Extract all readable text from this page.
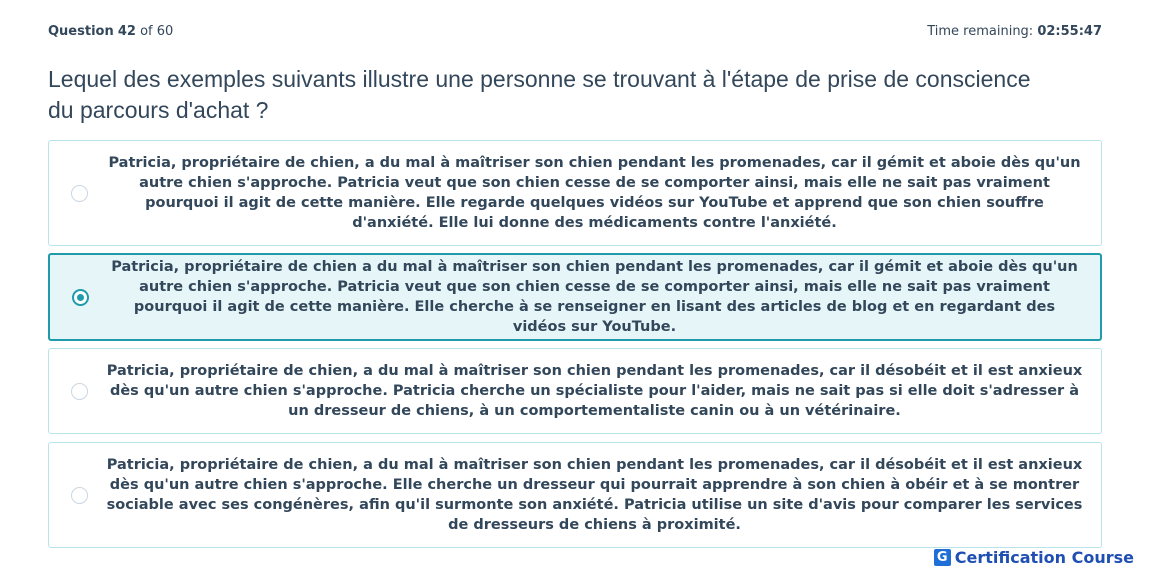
Question 42 of 60	Time remaining: 02:55:47
Lequel des exemples suivants illustre une personne se trouvant à l'étape de prise de conscience du parcours d'achat ?
Patricia, propriétaire de chien, a du mal à maîtriser son chien pendant les promenades, car il gémit et aboie dès qu'un autre chien s'approche. Patricia veut que son chien cesse de se comporter ainsi, mais elle ne sait pas vraiment pourquoi il agit de cette manière. Elle regarde quelques vidéos sur YouTube et apprend que son chien souffre d'anxiété. Elle lui donne des médicaments contre l'anxiété.
Patricia, propriétaire de chien a du mal à maîtriser son chien pendant les promenades, car il gémit et aboie dès qu'un autre chien s'approche. Patricia veut que son chien cesse de se comporter ainsi, mais elle ne sait pas vraiment pourquoi il agit de cette manière. Elle cherche à se renseigner en lisant des articles de blog et en regardant des vidéos sur YouTube.
Patricia, propriétaire de chien, a du mal à maîtriser son chien pendant les promenades, car il désobéit et il est anxieux dès qu'un autre chien s'approche. Patricia cherche un spécialiste pour l'aider, mais ne sait pas si elle doit s'adresser à un dresseur de chiens, à un comportementaliste canin ou à un vétérinaire.
Patricia, propriétaire de chien, a du mal à maîtriser son chien pendant les promenades, car il désobéit et il est anxieux dès qu'un autre chien s'approche. Elle cherche un dresseur qui pourrait apprendre à son chien à obéir et à se montrer sociable avec ses congénères, afin qu'il surmonte son anxiété. Patricia utilise un site d'avis pour comparer les services de dresseurs de chiens à proximité.
G Certification Course
